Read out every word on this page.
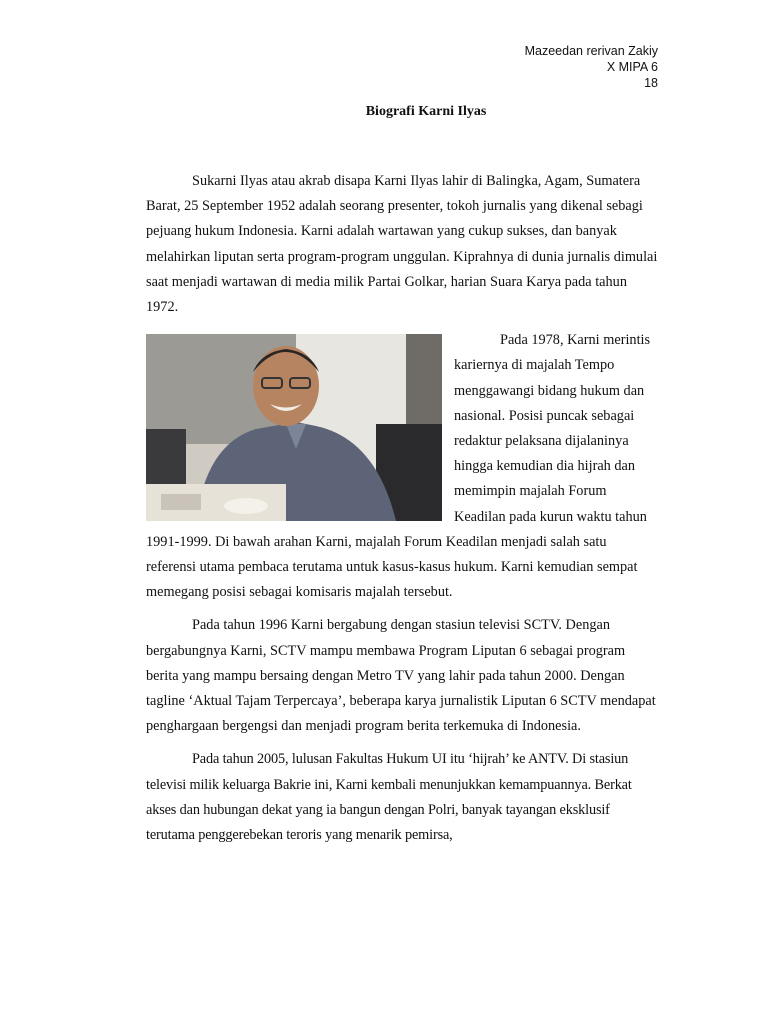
Mazeedan rerivan Zakiy
X MIPA 6
18
Biografi Karni Ilyas

Sukarni Ilyas atau akrab disapa Karni Ilyas lahir di Balingka, Agam, Sumatera Barat, 25 September 1952 adalah seorang presenter, tokoh jurnalis yang dikenal sebagi pejuang hukum Indonesia. Karni adalah wartawan yang cukup sukses, dan banyak melahirkan liputan serta program-program unggulan. Kiprahnya di dunia jurnalis dimulai saat menjadi wartawan di media milik Partai Golkar, harian Suara Karya pada tahun 1972.

Pada 1978, Karni merintis kariernya di majalah Tempo menggawangi bidang hukum dan nasional. Posisi puncak sebagai redaktur pelaksana dijalaninya hingga kemudian dia hijrah dan memimpin majalah Forum Keadilan pada kurun waktu tahun 1991-1999. Di bawah arahan Karni, majalah Forum Keadilan menjadi salah satu referensi utama pembaca terutama untuk kasus-kasus hukum. Karni kemudian sempat memegang posisi sebagai komisaris majalah tersebut.

Pada tahun 1996 Karni bergabung dengan stasiun televisi SCTV. Dengan bergabungnya Karni, SCTV mampu membawa Program Liputan 6 sebagai program berita yang mampu bersaing dengan Metro TV yang lahir pada tahun 2000. Dengan tagline ‘Aktual Tajam Terpercaya’, beberapa karya jurnalistik Liputan 6 SCTV mendapat penghargaan bergengsi dan menjadi program berita terkemuka di Indonesia.

Pada tahun 2005, lulusan Fakultas Hukum UI itu ‘hijrah’ ke ANTV. Di stasiun televisi milik keluarga Bakrie ini, Karni kembali menunjukkan kemampuannya. Berkat akses dan hubungan dekat yang ia bangun dengan Polri, banyak tayangan eksklusif terutama penggerebekan teroris yang menarik pemirsa,
